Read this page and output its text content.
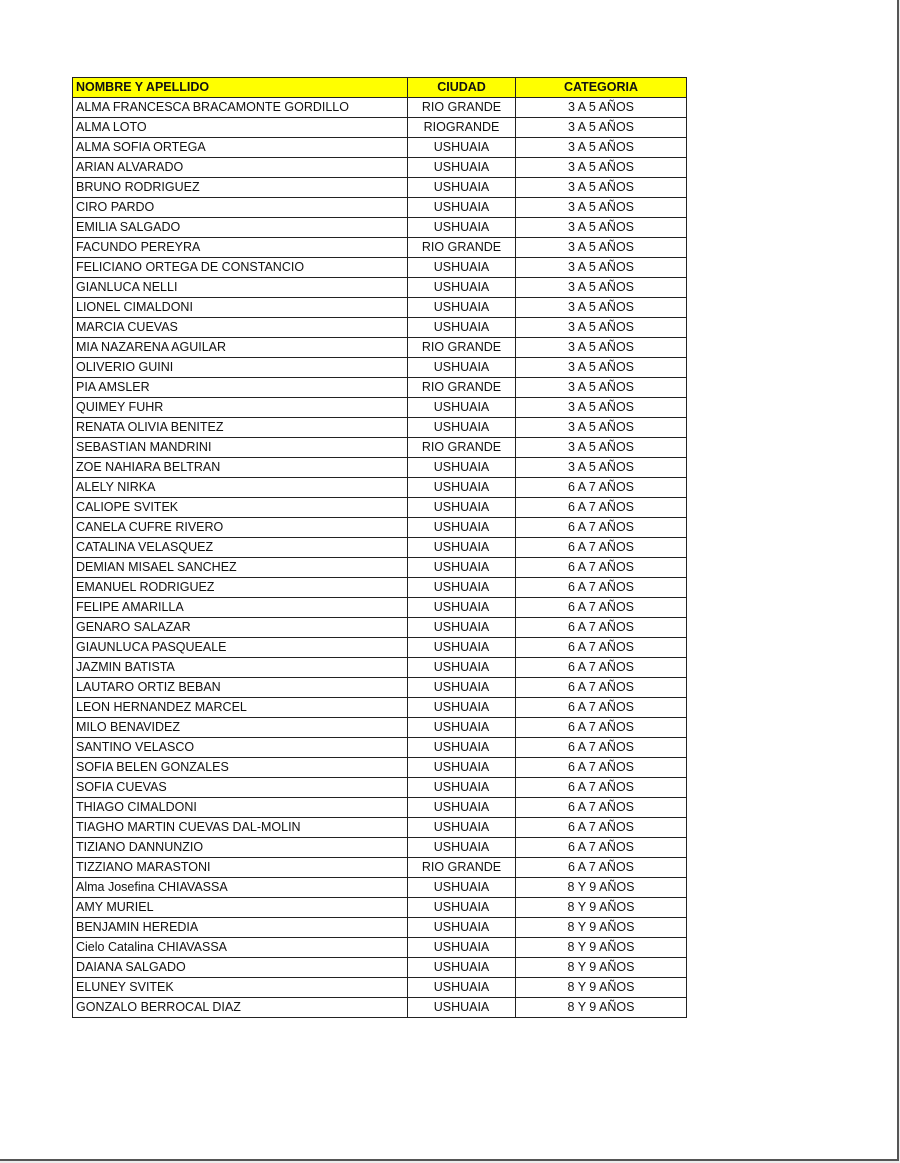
NOMBRE Y APELLIDO	CIUDAD	CATEGORIA
ALMA FRANCESCA BRACAMONTE GORDILLO	RIO GRANDE	3 A 5 AÑOS
ALMA LOTO	RIOGRANDE	3 A 5 AÑOS
ALMA SOFIA ORTEGA	USHUAIA	3 A 5 AÑOS
ARIAN ALVARADO	USHUAIA	3 A 5 AÑOS
BRUNO RODRIGUEZ	USHUAIA	3 A 5 AÑOS
CIRO PARDO	USHUAIA	3 A 5 AÑOS
EMILIA SALGADO	USHUAIA	3 A 5 AÑOS
FACUNDO PEREYRA	RIO GRANDE	3 A 5 AÑOS
FELICIANO ORTEGA DE CONSTANCIO	USHUAIA	3 A 5 AÑOS
GIANLUCA NELLI	USHUAIA	3 A 5 AÑOS
LIONEL CIMALDONI	USHUAIA	3 A 5 AÑOS
MARCIA CUEVAS	USHUAIA	3 A 5 AÑOS
MIA NAZARENA AGUILAR	RIO GRANDE	3 A 5 AÑOS
OLIVERIO GUINI	USHUAIA	3 A 5 AÑOS
PIA AMSLER	RIO GRANDE	3 A 5 AÑOS
QUIMEY FUHR	USHUAIA	3 A 5 AÑOS
RENATA OLIVIA BENITEZ	USHUAIA	3 A 5 AÑOS
SEBASTIAN MANDRINI	RIO GRANDE	3 A 5 AÑOS
ZOE NAHIARA BELTRAN	USHUAIA	3 A 5 AÑOS
ALELY NIRKA	USHUAIA	6 A 7 AÑOS
CALIOPE SVITEK	USHUAIA	6 A 7 AÑOS
CANELA CUFRE RIVERO	USHUAIA	6 A 7 AÑOS
CATALINA VELASQUEZ	USHUAIA	6 A 7 AÑOS
DEMIAN MISAEL SANCHEZ	USHUAIA	6 A 7 AÑOS
EMANUEL RODRIGUEZ	USHUAIA	6 A 7 AÑOS
FELIPE AMARILLA	USHUAIA	6 A 7 AÑOS
GENARO SALAZAR	USHUAIA	6 A 7 AÑOS
GIAUNLUCA PASQUEALE	USHUAIA	6 A 7 AÑOS
JAZMIN BATISTA	USHUAIA	6 A 7 AÑOS
LAUTARO ORTIZ BEBAN	USHUAIA	6 A 7 AÑOS
LEON HERNANDEZ MARCEL	USHUAIA	6 A 7 AÑOS
MILO BENAVIDEZ	USHUAIA	6 A 7 AÑOS
SANTINO VELASCO	USHUAIA	6 A 7 AÑOS
SOFIA BELEN GONZALES	USHUAIA	6 A 7 AÑOS
SOFIA CUEVAS	USHUAIA	6 A 7 AÑOS
THIAGO CIMALDONI	USHUAIA	6 A 7 AÑOS
TIAGHO MARTIN CUEVAS DAL-MOLIN	USHUAIA	6 A 7 AÑOS
TIZIANO DANNUNZIO	USHUAIA	6 A 7 AÑOS
TIZZIANO MARASTONI	RIO GRANDE	6 A 7 AÑOS
Alma Josefina CHIAVASSA	USHUAIA	8 Y 9 AÑOS
AMY MURIEL	USHUAIA	8 Y 9 AÑOS
BENJAMIN HEREDIA	USHUAIA	8 Y 9 AÑOS
Cielo Catalina CHIAVASSA	USHUAIA	8 Y 9 AÑOS
DAIANA SALGADO	USHUAIA	8 Y 9 AÑOS
ELUNEY SVITEK	USHUAIA	8 Y 9 AÑOS
GONZALO BERROCAL DIAZ	USHUAIA	8 Y 9 AÑOS
